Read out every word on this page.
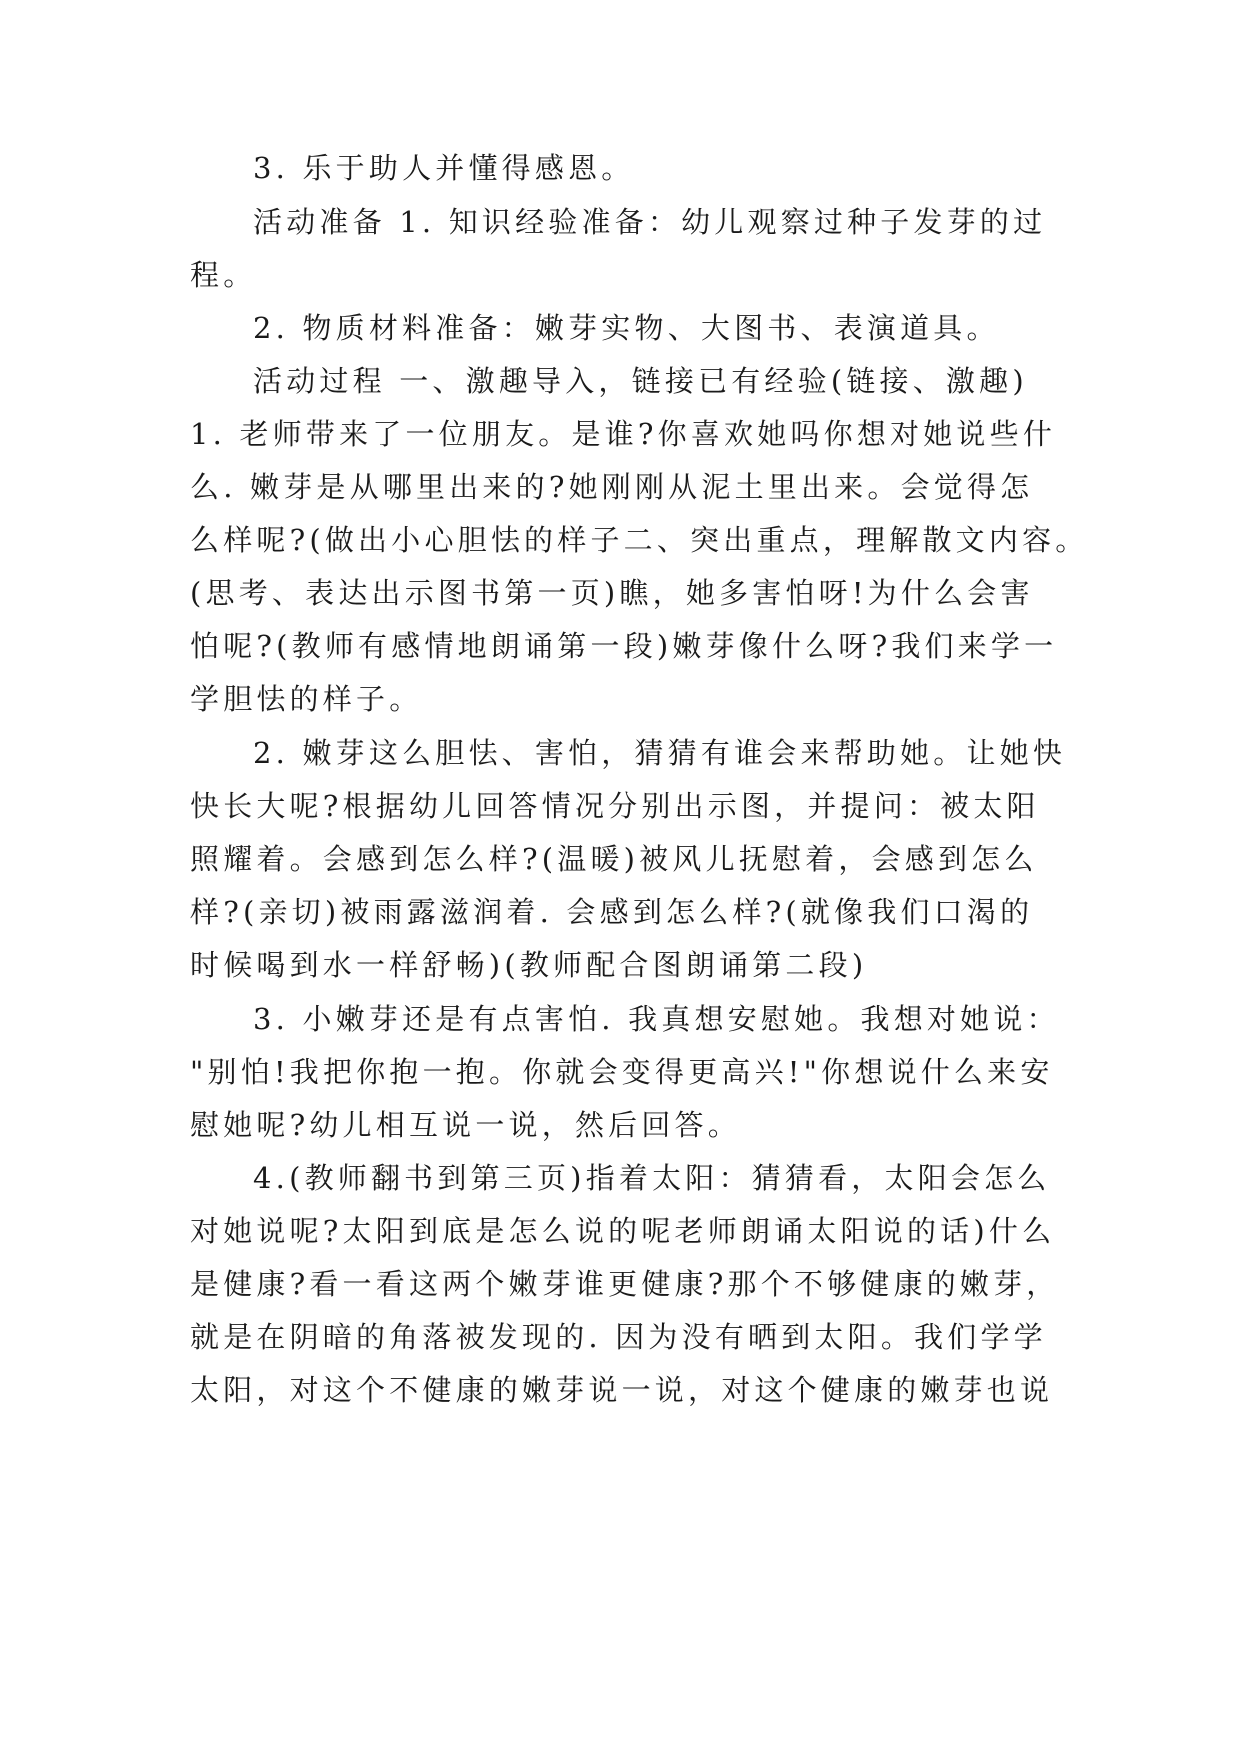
3. 乐于助人并懂得感恩。

活动准备 1. 知识经验准备：幼儿观察过种子发芽的过

程。

2. 物质材料准备：嫩芽实物、大图书、表演道具。

活动过程 一、激趣导入，链接已有经验(链接、激趣)

1. 老师带来了一位朋友。是谁?你喜欢她吗你想对她说些什

么. 嫩芽是从哪里出来的?她刚刚从泥土里出来。会觉得怎

么样呢?(做出小心胆怯的样子二、突出重点，理解散文内容。

(思考、表达出示图书第一页)瞧，她多害怕呀!为什么会害

怕呢?(教师有感情地朗诵第一段)嫩芽像什么呀?我们来学一

学胆怯的样子。

2. 嫩芽这么胆怯、害怕，猜猜有谁会来帮助她。让她快

快长大呢?根据幼儿回答情况分别出示图，并提问：被太阳

照耀着。会感到怎么样?(温暖)被风儿抚慰着，会感到怎么

样?(亲切)被雨露滋润着. 会感到怎么样?(就像我们口渴的

时候喝到水一样舒畅)(教师配合图朗诵第二段)

3. 小嫩芽还是有点害怕. 我真想安慰她。我想对她说：

"别怕!我把你抱一抱。你就会变得更高兴!"你想说什么来安

慰她呢?幼儿相互说一说，然后回答。

4.(教师翻书到第三页)指着太阳：猜猜看，太阳会怎么

对她说呢?太阳到底是怎么说的呢老师朗诵太阳说的话)什么

是健康?看一看这两个嫩芽谁更健康?那个不够健康的嫩芽，

就是在阴暗的角落被发现的. 因为没有晒到太阳。我们学学

太阳，对这个不健康的嫩芽说一说，对这个健康的嫩芽也说
